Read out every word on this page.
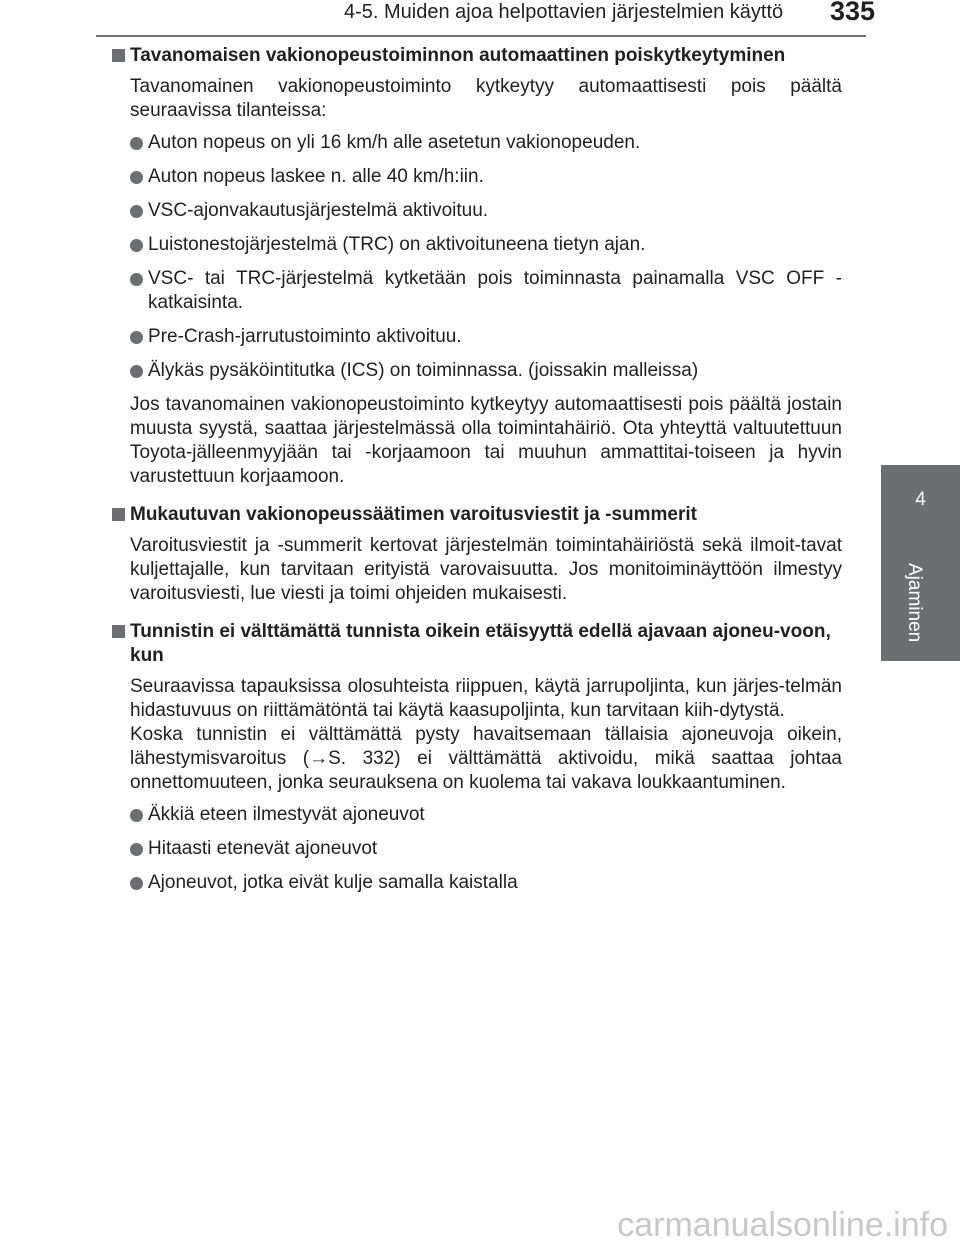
4-5. Muiden ajoa helpottavien järjestelmien käyttö 335
4
Ajaminen
Tavanomaisen vakionopeustoiminnon automaattinen poiskytkeytyminen
Tavanomainen vakionopeustoiminto kytkeytyy automaattisesti pois päältä seuraavissa tilanteissa:
Auton nopeus on yli 16 km/h alle asetetun vakionopeuden.
Auton nopeus laskee n. alle 40 km/h:iin.
VSC-ajonvakautusjärjestelmä aktivoituu.
Luistonestojärjestelmä (TRC) on aktivoituneena tietyn ajan.
VSC- tai TRC-järjestelmä kytketään pois toiminnasta painamalla VSC OFF -katkaisinta.
Pre-Crash-jarrutustoiminto aktivoituu.
Älykäs pysäköintitutka (ICS) on toiminnassa. (joissakin malleissa)
Jos tavanomainen vakionopeustoiminto kytkeytyy automaattisesti pois päältä jostain muusta syystä, saattaa järjestelmässä olla toimintahäiriö. Ota yhteyttä valtuutettuun Toyota-jälleenmyyjään tai -korjaamoon tai muuhun ammattitai-toiseen ja hyvin varustettuun korjaamoon.
Mukautuvan vakionopeussäätimen varoitusviestit ja -summerit
Varoitusviestit ja -summerit kertovat järjestelmän toimintahäiriöstä sekä ilmoit-tavat kuljettajalle, kun tarvitaan erityistä varovaisuutta. Jos monitoiminäyttöön ilmestyy varoitusviesti, lue viesti ja toimi ohjeiden mukaisesti.
Tunnistin ei välttämättä tunnista oikein etäisyyttä edellä ajavaan ajoneu-voon, kun
Seuraavissa tapauksissa olosuhteista riippuen, käytä jarrupoljinta, kun järjes-telmän hidastuvuus on riittämätöntä tai käytä kaasupoljinta, kun tarvitaan kiih-dytystä.
Koska tunnistin ei välttämättä pysty havaitsemaan tällaisia ajoneuvoja oikein, lähestymisvaroitus (→S. 332) ei välttämättä aktivoidu, mikä saattaa johtaa onnettomuuteen, jonka seurauksena on kuolema tai vakava loukkaantuminen.
Äkkiä eteen ilmestyvät ajoneuvot
Hitaasti etenevät ajoneuvot
Ajoneuvot, jotka eivät kulje samalla kaistalla
carmanualsonline.info
